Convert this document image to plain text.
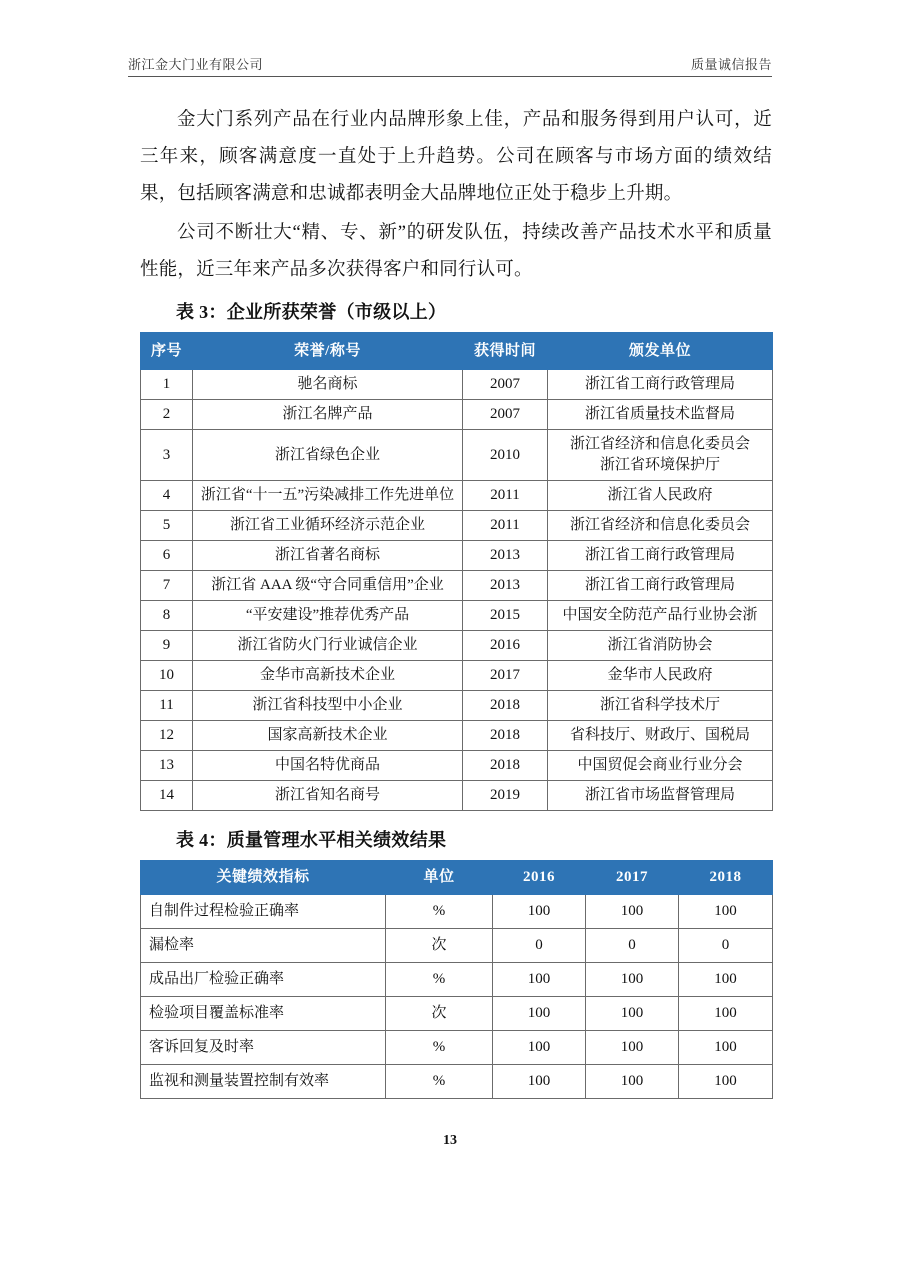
浙江金大门业有限公司	质量诚信报告

金大门系列产品在行业内品牌形象上佳，产品和服务得到用户认可，近三年来，顾客满意度一直处于上升趋势。公司在顾客与市场方面的绩效结果，包括顾客满意和忠诚都表明金大品牌地位正处于稳步上升期。

公司不断壮大“精、专、新”的研发队伍，持续改善产品技术水平和质量性能，近三年来产品多次获得客户和同行认可。

表 3：企业所获荣誉（市级以上）
序号	荣誉/称号	获得时间	颁发单位
1	驰名商标	2007	浙江省工商行政管理局
2	浙江名牌产品	2007	浙江省质量技术监督局
3	浙江省绿色企业	2010	浙江省经济和信息化委员会
浙江省环境保护厅
4	浙江省“十一五”污染减排工作先进单位	2011	浙江省人民政府
5	浙江省工业循环经济示范企业	2011	浙江省经济和信息化委员会
6	浙江省著名商标	2013	浙江省工商行政管理局
7	浙江省 AAA 级“守合同重信用”企业	2013	浙江省工商行政管理局
8	“平安建设”推荐优秀产品	2015	中国安全防范产品行业协会浙
9	浙江省防火门行业诚信企业	2016	浙江省消防协会
10	金华市高新技术企业	2017	金华市人民政府
11	浙江省科技型中小企业	2018	浙江省科学技术厅
12	国家高新技术企业	2018	省科技厅、财政厅、国税局
13	中国名特优商品	2018	中国贸促会商业行业分会
14	浙江省知名商号	2019	浙江省市场监督管理局
表 4：质量管理水平相关绩效结果
关键绩效指标	单位	2016	2017	2018
自制件过程检验正确率	%	100	100	100
漏检率	次	0	0	0
成品出厂检验正确率	%	100	100	100
检验项目覆盖标准率	次	100	100	100
客诉回复及时率	%	100	100	100
监视和测量装置控制有效率	%	100	100	100
13
